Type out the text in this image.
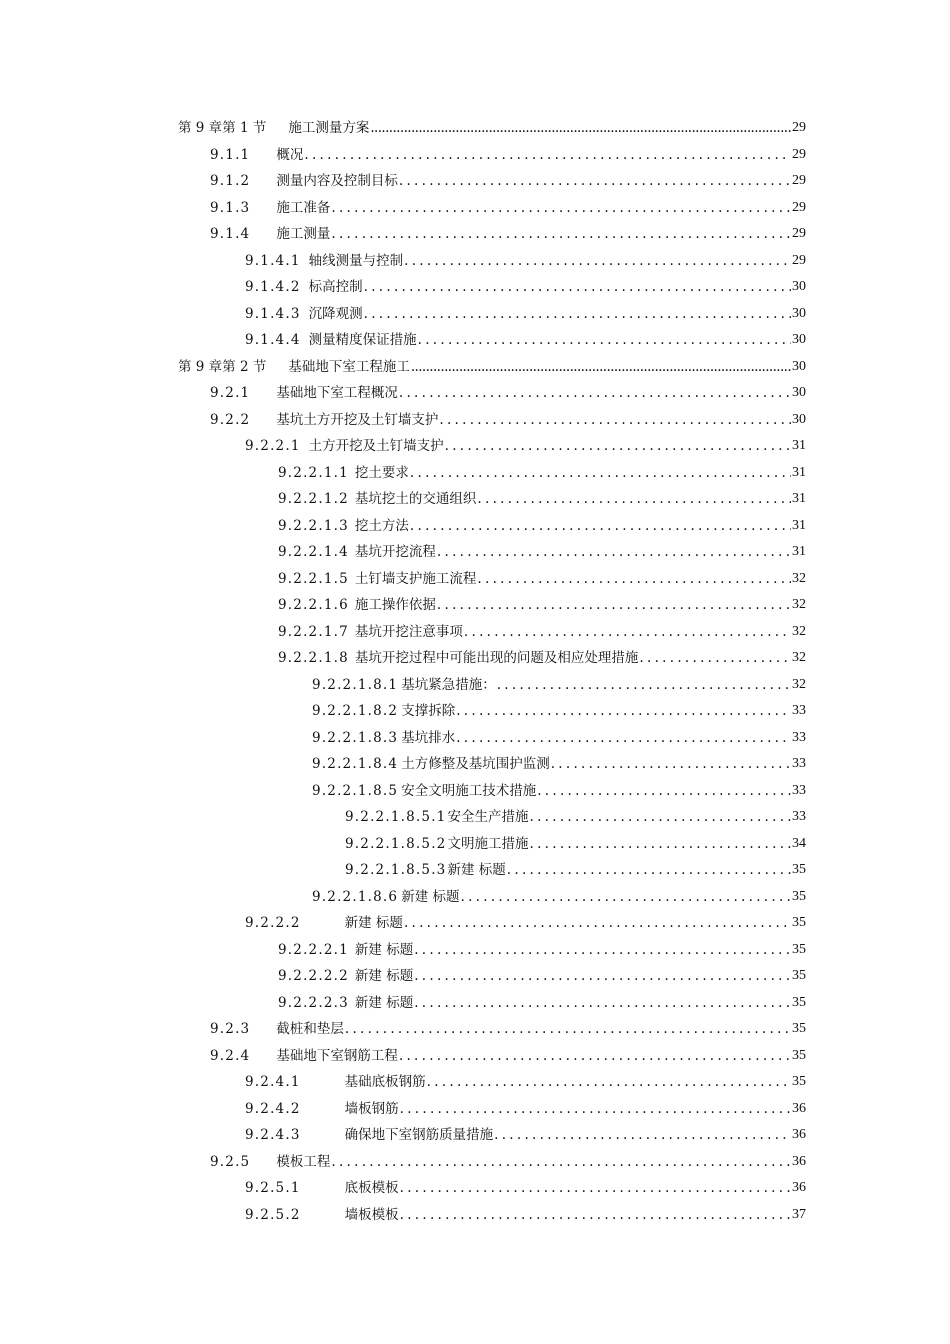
第 9 章第 1 节 施工测量方案 .....	29
9.1.1 概况 . . .	29
9.1.2 测量内容及控制目标 . . .	29
9.1.3 施工准备 . . .	29
9.1.4 施工测量 . . .	29
9.1.4.1 轴线测量与控制 . . .	29
9.1.4.2 标高控制 . . .	30
9.1.4.3 沉降观测 . . .	30
9.1.4.4 测量精度保证措施 . . .	30
第 9 章第 2 节 基础地下室工程施工 .....	30
9.2.1 基础地下室工程概况 . . .	30
9.2.2 基坑土方开挖及土钉墙支护 . . .	30
9.2.2.1 土方开挖及土钉墙支护 . . .	31
9.2.2.1.1 挖土要求 . . .	31
9.2.2.1.2 基坑挖土的交通组织 . . .	31
9.2.2.1.3 挖土方法 . . .	31
9.2.2.1.4 基坑开挖流程 . . .	31
9.2.2.1.5 土钉墙支护施工流程 . . .	32
9.2.2.1.6 施工操作依据 . . .	32
9.2.2.1.7 基坑开挖注意事项 . . .	32
9.2.2.1.8 基坑开挖过程中可能出现的问题及相应处理措施 . . .	32
9.2.2.1.8.1 基坑紧急措施： . . .	32
9.2.2.1.8.2 支撑拆除 . . .	33
9.2.2.1.8.3 基坑排水 . . .	33
9.2.2.1.8.4 土方修整及基坑围护监测 . . .	33
9.2.2.1.8.5 安全文明施工技术措施 . . .	33
9.2.2.1.8.5.1 安全生产措施 . . .	33
9.2.2.1.8.5.2 文明施工措施 . . .	34
9.2.2.1.8.5.3 新建 标题 . . .	35
9.2.2.1.8.6 新建 标题 . . .	35
9.2.2.2	新建 标题 . . .	35
9.2.2.2.1 新建 标题 . . .	35
9.2.2.2.2 新建 标题 . . .	35
9.2.2.2.3 新建 标题 . . .	35
9.2.3 截桩和垫层 . . .	35
9.2.4 基础地下室钢筋工程 . . .	35
9.2.4.1	基础底板钢筋 . . .	35
9.2.4.2	墙板钢筋 . . .	36
9.2.4.3	确保地下室钢筋质量措施 . . .	36
9.2.5 模板工程 . . .	36
9.2.5.1	底板模板 . . .	36
9.2.5.2	墙板模板 . . .	37
